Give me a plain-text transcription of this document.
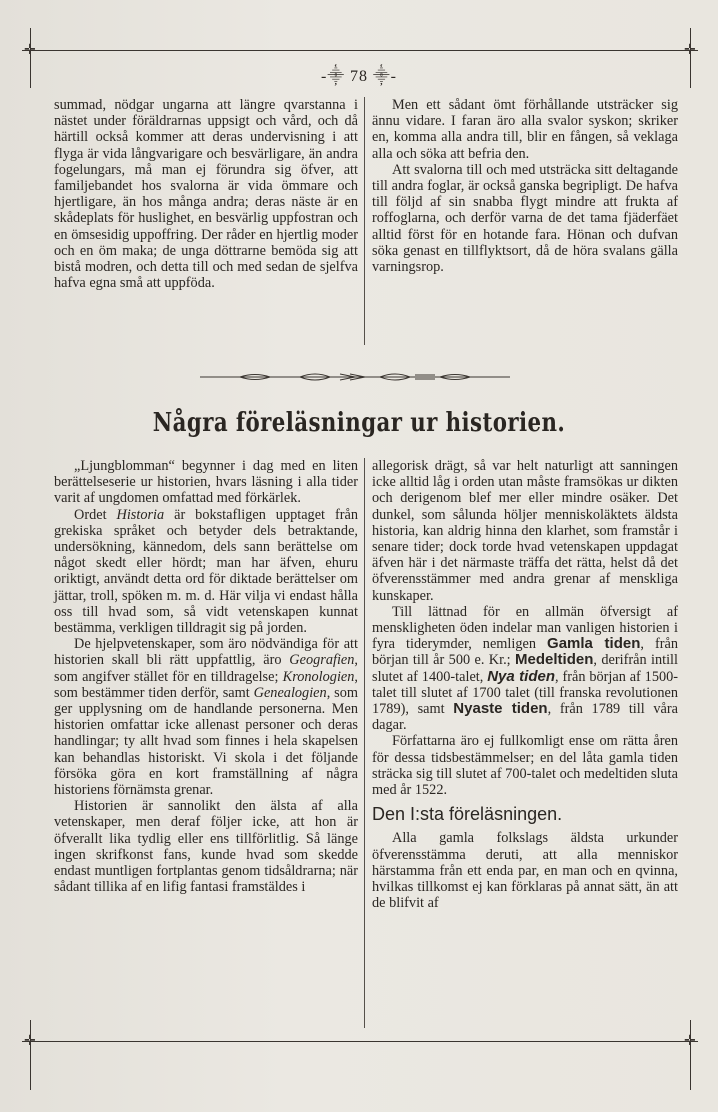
✛	✛
✛	✛
-⸎ 78 ⸎-

summad, nödgar ungarna att längre qvarstanna i nästet under föräldrarnas uppsigt och vård, och då härtill också kommer att deras undervisning i att flyga är vida långvarigare och besvärligare, än andra fogelungars, må man ej förundra sig öfver, att familjebandet hos svalorna är vida ömmare och hjertligare, än hos många andra; deras näste är en skådeplats för huslighet, en besvärlig uppfostran och en ömsesidig uppoffring. Der råder en hjertlig moder och en öm maka; de unga döttrarne bemöda sig att bistå modren, och detta till och med sedan de sjelfva hafva egna små att uppföda.

Men ett sådant ömt förhållande utsträcker sig ännu vidare. I faran äro alla svalor syskon; skriker en, komma alla andra till, blir en fången, så veklaga alla och söka att befria den.

Att svalorna till och med utsträcka sitt deltagande till andra foglar, är också ganska begripligt. De hafva till följd af sin snabba flygt mindre att frukta af roffoglarna, och derför varna de det tama fjäderfäet alltid först för en hotande fara. Hönan och dufvan söka genast en tillflyktsort, då de höra svalans gälla varningsrop.

Några föreläsningar ur historien.

„Ljungblomman“ begynner i dag med en liten berättelseserie ur historien, hvars läsning i alla tider varit af ungdomen omfattad med förkärlek.

Ordet Historia är bokstafligen upptaget från grekiska språket och betyder dels betraktande, undersökning, kännedom, dels sann berättelse om något skedt eller hördt; man har äfven, ehuru oriktigt, användt detta ord för diktade berättelser om jättar, troll, spöken m. m. d. Här vilja vi endast hålla oss till hvad som, så vidt vetenskapen kunnat bestämma, verkligen tilldragit sig på jorden.

De hjelpvetenskaper, som äro nödvändiga för att historien skall bli rätt uppfattlig, äro Geografien, som angifver stället för en tilldragelse; Kronologien, som bestämmer tiden derför, samt Genealogien, som ger upplysning om de handlande personerna. Men historien omfattar icke allenast personer och deras handlingar; ty allt hvad som finnes i hela skapelsen kan behandlas historiskt. Vi skola i det följande försöka göra en kort framställning af några historiens förnämsta grenar.

Historien är sannolikt den älsta af alla vetenskaper, men deraf följer icke, att hon är öfverallt lika tydlig eller ens tillförlitlig. Så länge ingen skrifkonst fans, kunde hvad som skedde endast muntligen fortplantas genom tidsåldrarna; när sådant tillika af en lifig fantasi framstäldes i

allegorisk drägt, så var helt naturligt att sanningen icke alltid låg i orden utan måste framsökas ur dikten och derigenom blef mer eller mindre osäker. Det dunkel, som sålunda höljer menniskoläktets äldsta historia, kan aldrig hinna den klarhet, som framstår i senare tider; dock torde hvad vetenskapen uppdagat äfven här i det närmaste träffa det rätta, helst då det öfverensstämmer med andra grenar af menskliga kunskaper.

Till lättnad för en allmän öfversigt af menskligheten öden indelar man vanligen historien i fyra tiderymder, nemligen Gamla tiden, från början till år 500 e. Kr.; Medeltiden, derifrån intill slutet af 1400-talet, Nya tiden, från början af 1500-talet till slutet af 1700 talet (till franska revolutionen 1789), samt Nyaste tiden, från 1789 till våra dagar.

Författarna äro ej fullkomligt ense om rätta åren för dessa tidsbestämmelser; en del låta gamla tiden sträcka sig till slutet af 700-talet och medeltiden sluta med år 1522.

Den I:sta föreläsningen.

Alla gamla folkslags äldsta urkunder öfverensstämma deruti, att alla menniskor härstamma från ett enda par, en man och en qvinna, hvilkas tillkomst ej kan förklaras på annat sätt, än att de blifvit af
